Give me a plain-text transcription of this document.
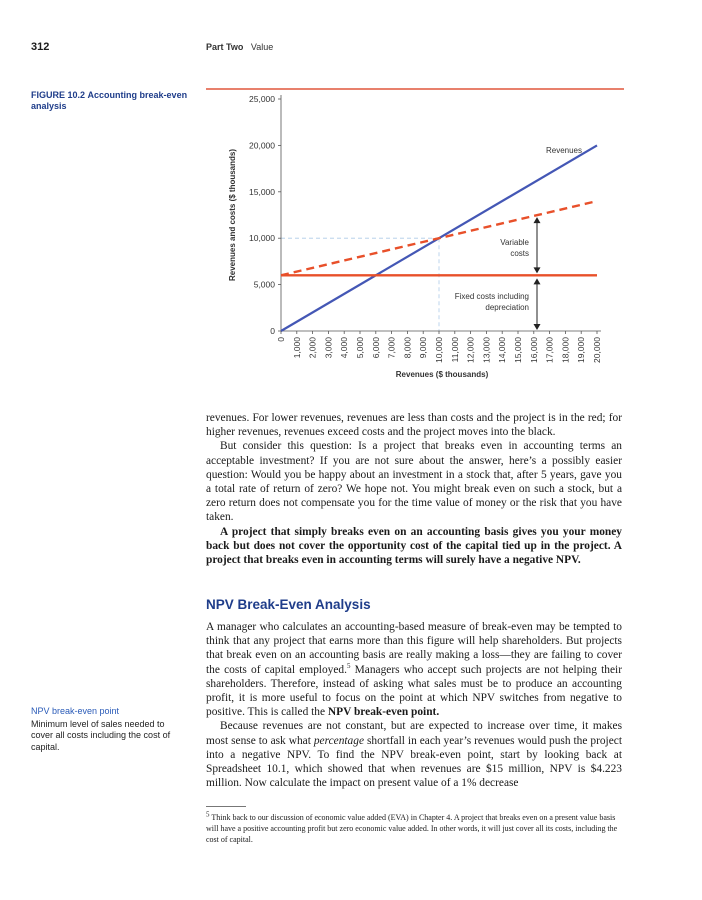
312	Part Two Value
FIGURE 10.2 Accounting break-even analysis
0
5,000
10,000
15,000
20,000
25,000
0 1,000 2,000 3,000 4,000 5,000 6,000 7,000 8,000 9,000 10,000 11,000 12,000 13,000 14,000 15,000 16,000 17,000 18,000 19,000 20,000
Revenues ($ thousands)
Revenues and costs ($ thousands)	Revenues
Variable
costs
Fixed costs including
depreciation
NPV break-even point
Minimum level of sales needed to cover all costs including the cost of capital.

revenues. For lower revenues, revenues are less than costs and the project is in the red; for higher revenues, revenues exceed costs and the project moves into the black.

But consider this question: Is a project that breaks even in accounting terms an acceptable investment? If you are not sure about the answer, here’s a possibly easier question: Would you be happy about an investment in a stock that, after 5 years, gave you a total rate of return of zero? We hope not. You might break even on such a stock, but a zero return does not compensate you for the time value of money or the risk that you have taken.

A project that simply breaks even on an accounting basis gives you your money back but does not cover the opportunity cost of the capital tied up in the project. A project that breaks even in accounting terms will surely have a negative NPV.

NPV Break-Even Analysis

A manager who calculates an accounting-based measure of break-even may be tempted to think that any project that earns more than this figure will help shareholders. But projects that break even on an accounting basis are really making a loss—they are failing to cover the costs of capital employed.$^5$ Managers who accept such projects are not helping their shareholders. Therefore, instead of asking what sales must be to produce an accounting profit, it is more useful to focus on the point at which NPV switches from negative to positive. This is called the NPV break-even point.

Because revenues are not constant, but are expected to increase over time, it makes most sense to ask what percentage shortfall in each year’s revenues would push the project into a negative NPV. To find the NPV break-even point, start by looking back at Spreadsheet 10.1, which showed that when revenues are $15 million, NPV is $4.223 million. Now calculate the impact on present value of a 1% decrease

$^5$ Think back to our discussion of economic value added (EVA) in Chapter 4. A project that breaks even on a present value basis will have a positive accounting profit but zero economic value added. In other words, it will just cover all its costs, including the cost of capital.
